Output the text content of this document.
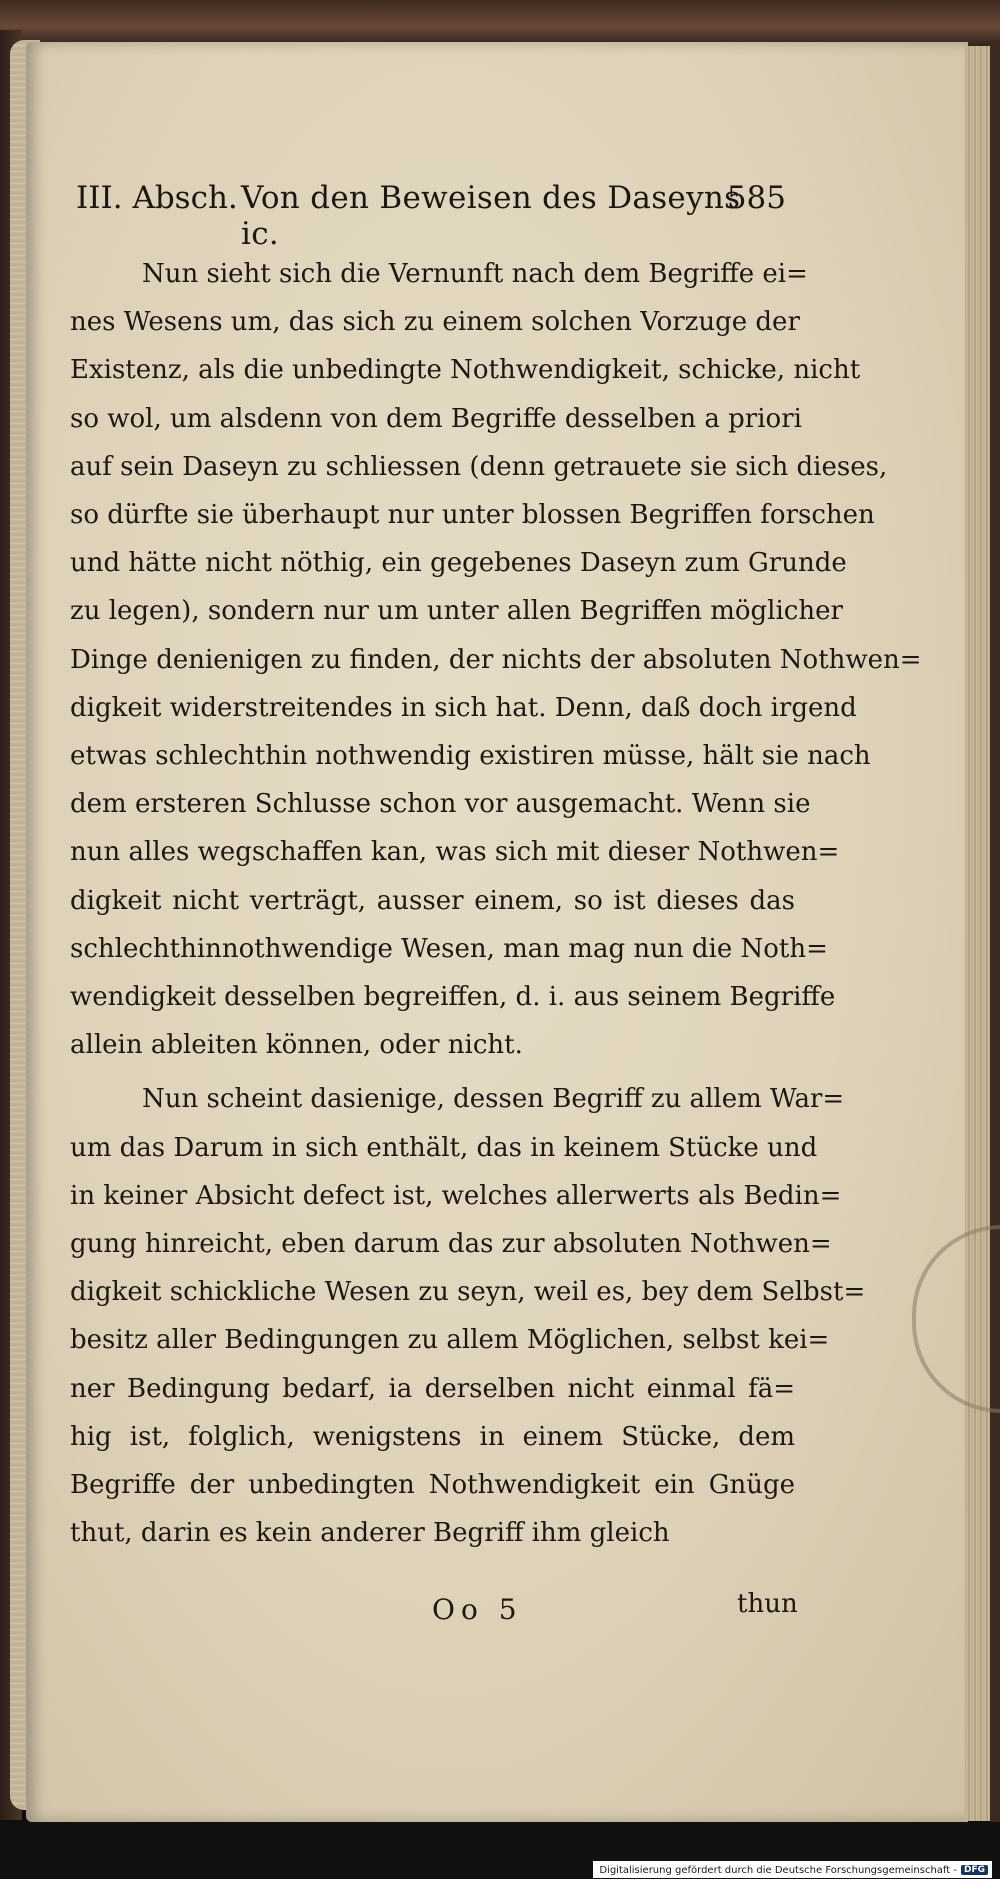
III. Absch. Von den Beweisen des Daseyns ic.
585
Nun sieht sich die Vernunft nach dem Begriffe ei=
nes Wesens um, das sich zu einem solchen Vorzuge der
Existenz, als die unbedingte Nothwendigkeit, schicke, nicht
so wol, um alsdenn von dem Begriffe desselben a priori
auf sein Daseyn zu schliessen (denn getrauete sie sich dieses,
so dürfte sie überhaupt nur unter blossen Begriffen forschen
und hätte nicht nöthig, ein gegebenes Daseyn zum Grunde
zu legen), sondern nur um unter allen Begriffen möglicher
Dinge denienigen zu finden, der nichts der absoluten Nothwen=
digkeit widerstreitendes in sich hat. Denn, daß doch irgend
etwas schlechthin nothwendig existiren müsse, hält sie nach
dem ersteren Schlusse schon vor ausgemacht. Wenn sie
nun alles wegschaffen kan, was sich mit dieser Nothwen=
digkeit nicht verträgt, ausser einem, so ist dieses das
schlechthinnothwendige Wesen, man mag nun die Noth=
wendigkeit desselben begreiffen, d. i. aus seinem Begriffe
allein ableiten können, oder nicht.
Nun scheint dasienige, dessen Begriff zu allem War=
um das Darum in sich enthält, das in keinem Stücke und
in keiner Absicht defect ist, welches allerwerts als Bedin=
gung hinreicht, eben darum das zur absoluten Nothwen=
digkeit schickliche Wesen zu seyn, weil es, bey dem Selbst=
besitz aller Bedingungen zu allem Möglichen, selbst kei=
ner Bedingung bedarf, ia derselben nicht einmal fä=
hig ist, folglich, wenigstens in einem Stücke, dem
Begriffe der unbedingten Nothwendigkeit ein Gnüge
thut, darin es kein anderer Begriff ihm gleich
Oo 5	thun
Digitalisierung gefördert durch die Deutsche Forschungsgemeinschaft - DFG
